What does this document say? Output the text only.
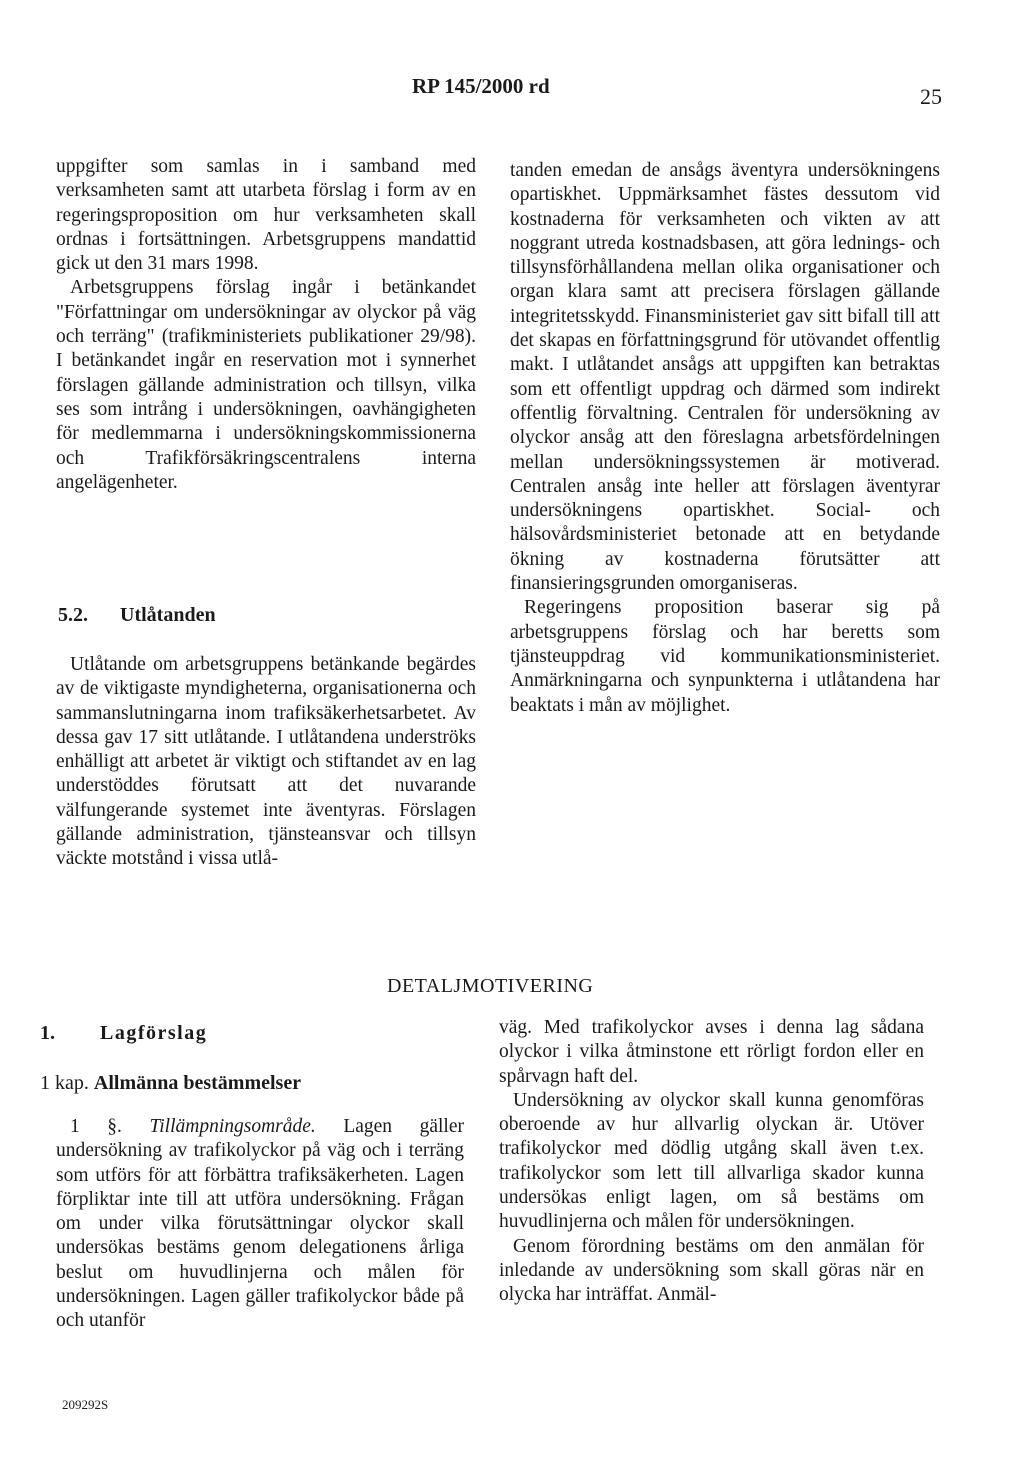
RP 145/2000 rd	25

uppgifter som samlas in i samband med verksamheten samt att utarbeta förslag i form av en regeringsproposition om hur verksamheten skall ordnas i fortsättningen. Arbetsgruppens mandattid gick ut den 31 mars 1998.

Arbetsgruppens förslag ingår i betänkandet "Författningar om undersökningar av olyckor på väg och terräng" (trafikministeriets publikationer 29/98). I betänkandet ingår en reservation mot i synnerhet förslagen gällande administration och tillsyn, vilka ses som intrång i undersökningen, oavhängigheten för medlemmarna i undersökningskommissionerna och Trafikförsäkringscentralens interna angelägenheter.

5.2. Utlåtanden

Utlåtande om arbetsgruppens betänkande begärdes av de viktigaste myndigheterna, organisationerna och sammanslutningarna inom trafiksäkerhetsarbetet. Av dessa gav 17 sitt utlåtande. I utlåtandena underströks enhälligt att arbetet är viktigt och stiftandet av en lag understöddes förutsatt att det nuvarande välfungerande systemet inte äventyras. Förslagen gällande administration, tjänsteansvar och tillsyn väckte motstånd i vissa utlå-

tanden emedan de ansågs äventyra undersökningens opartiskhet. Uppmärksamhet fästes dessutom vid kostnaderna för verksamheten och vikten av att noggrant utreda kostnadsbasen, att göra lednings- och tillsynsförhållandena mellan olika organisationer och organ klara samt att precisera förslagen gällande integritetsskydd. Finansministeriet gav sitt bifall till att det skapas en författningsgrund för utövandet offentlig makt. I utlåtandet ansågs att uppgiften kan betraktas som ett offentligt uppdrag och därmed som indirekt offentlig förvaltning. Centralen för undersökning av olyckor ansåg att den föreslagna arbetsfördelningen mellan undersökningssystemen är motiverad. Centralen ansåg inte heller att förslagen äventyrar undersökningens opartiskhet. Social- och hälsovårdsministeriet betonade att en betydande ökning av kostnaderna förutsätter att finansieringsgrunden omorganiseras.

Regeringens proposition baserar sig på arbetsgruppens förslag och har beretts som tjänsteuppdrag vid kommunikationsministeriet. Anmärkningarna och synpunkterna i utlåtandena har beaktats i mån av möjlighet.

DETALJMOTIVERING
1. Lagförslag
1 kap. Allmänna bestämmelser

1 §. Tillämpningsområde. Lagen gäller undersökning av trafikolyckor på väg och i terräng som utförs för att förbättra trafiksäkerheten. Lagen förpliktar inte till att utföra undersökning. Frågan om under vilka förutsättningar olyckor skall undersökas bestäms genom delegationens årliga beslut om huvudlinjerna och målen för undersökningen. Lagen gäller trafikolyckor både på och utanför

väg. Med trafikolyckor avses i denna lag sådana olyckor i vilka åtminstone ett rörligt fordon eller en spårvagn haft del.

Undersökning av olyckor skall kunna genomföras oberoende av hur allvarlig olyckan är. Utöver trafikolyckor med dödlig utgång skall även t.ex. trafikolyckor som lett till allvarliga skador kunna undersökas enligt lagen, om så bestäms om huvudlinjerna och målen för undersökningen.

Genom förordning bestäms om den anmälan för inledande av undersökning som skall göras när en olycka har inträffat. Anmäl-

209292S
